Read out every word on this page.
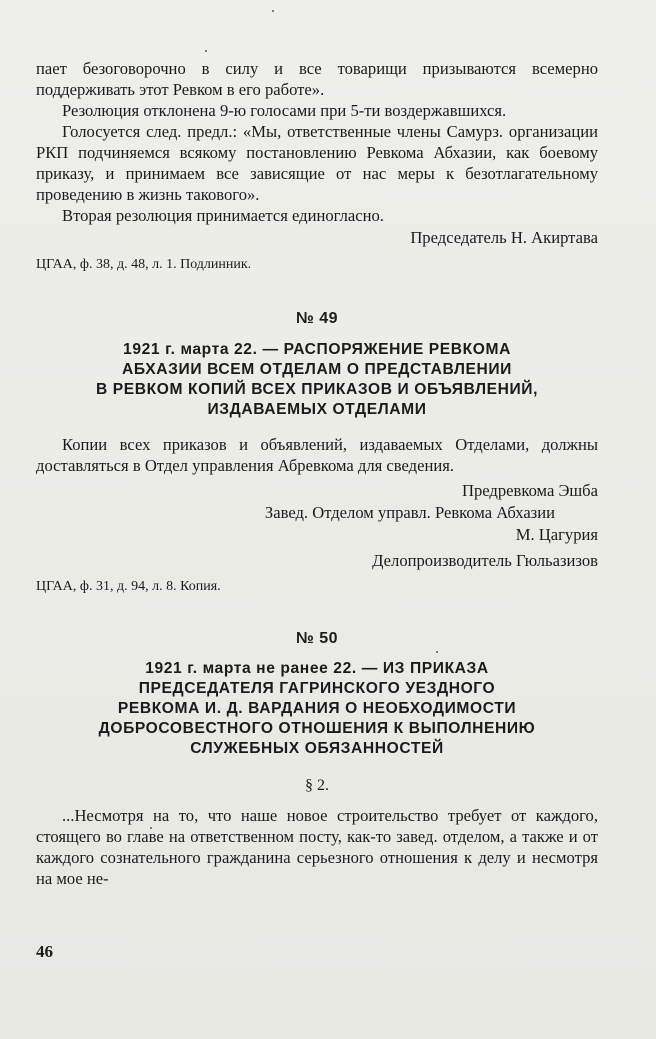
пает безоговорочно в силу и все товарищи призываются всемерно поддерживать этот Ревком в его работе».

Резолюция отклонена 9-ю голосами при 5-ти воздержавшихся.

Голосуется след. предл.: «Мы, ответственные члены Самурз. организации РКП подчиняемся всякому постановлению Ревкома Абхазии, как боевому приказу, и принимаем все зависящие от нас меры к безотлагательному проведению в жизнь такового».

Вторая резолюция принимается единогласно.

Председатель Н. Акиртава

ЦГАА, ф. 38, д. 48, л. 1. Подлинник.

№ 49

1921 г. марта 22. — РАСПОРЯЖЕНИЕ РЕВКОМА

АБХАЗИИ ВСЕМ ОТДЕЛАМ О ПРЕДСТАВЛЕНИИ

В РЕВКОМ КОПИЙ ВСЕХ ПРИКАЗОВ И ОБЪЯВЛЕНИЙ,

ИЗДАВАЕМЫХ ОТДЕЛАМИ

Копии всех приказов и объявлений, издаваемых Отделами, должны доставляться в Отдел управления Абревкома для сведения.

Предревкома Эшба

Завед. Отделом управл. Ревкома Абхазии

М. Цагурия

Делопроизводитель Гюльазизов

ЦГАА, ф. 31, д. 94, л. 8. Копия.

№ 50

1921 г. марта не ранее 22. — ИЗ ПРИКАЗА

ПРЕДСЕДАТЕЛЯ ГАГРИНСКОГО УЕЗДНОГО

РЕВКОМА И. Д. ВАРДАНИЯ О НЕОБХОДИМОСТИ

ДОБРОСОВЕСТНОГО ОТНОШЕНИЯ К ВЫПОЛНЕНИЮ

СЛУЖЕБНЫХ ОБЯЗАННОСТЕЙ

§ 2.

...Несмотря на то, что наше новое строительство требует от каждого, стоящего во главе на ответственном посту, как-то завед. отделом, а также и от каждого сознательного гражданина серьезного отношения к делу и несмотря на мое не-

46
